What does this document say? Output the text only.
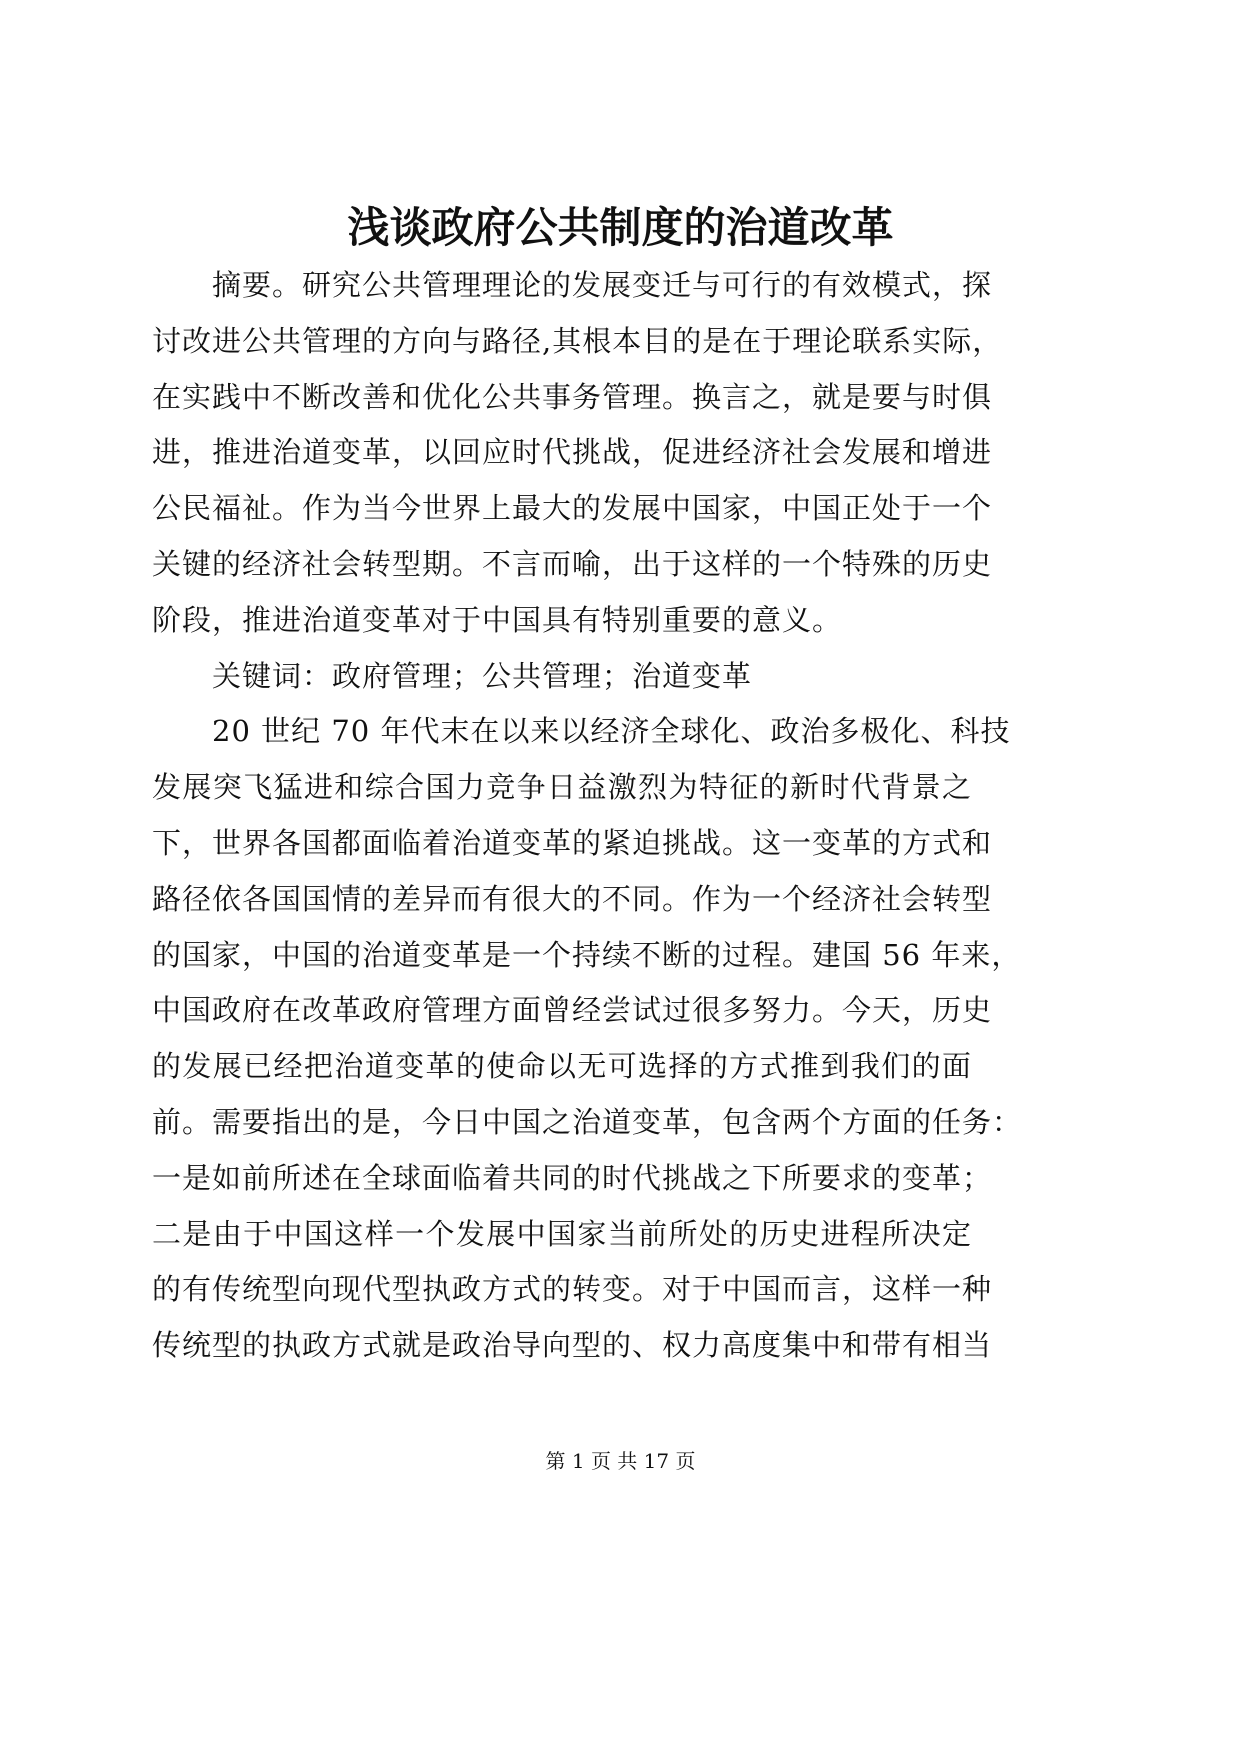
浅谈政府公共制度的治道改革
摘要。研究公共管理理论的发展变迁与可行的有效模式，探
讨改进公共管理的方向与路径,其根本目的是在于理论联系实际，
在实践中不断改善和优化公共事务管理。换言之，就是要与时俱
进，推进治道变革，以回应时代挑战，促进经济社会发展和增进
公民福祉。作为当今世界上最大的发展中国家，中国正处于一个
关键的经济社会转型期。不言而喻，出于这样的一个特殊的历史
阶段，推进治道变革对于中国具有特别重要的意义。
关键词：政府管理；公共管理；治道变革
20 世纪 70 年代末在以来以经济全球化、政治多极化、科技
发展突飞猛进和综合国力竞争日益激烈为特征的新时代背景之
下，世界各国都面临着治道变革的紧迫挑战。这一变革的方式和
路径依各国国情的差异而有很大的不同。作为一个经济社会转型
的国家，中国的治道变革是一个持续不断的过程。建国 56 年来，
中国政府在改革政府管理方面曾经尝试过很多努力。今天，历史
的发展已经把治道变革的使命以无可选择的方式推到我们的面
前。需要指出的是，今日中国之治道变革，包含两个方面的任务：
一是如前所述在全球面临着共同的时代挑战之下所要求的变革；
二是由于中国这样一个发展中国家当前所处的历史进程所决定
的有传统型向现代型执政方式的转变。对于中国而言，这样一种
传统型的执政方式就是政治导向型的、权力高度集中和带有相当
第 1 页 共 17 页
